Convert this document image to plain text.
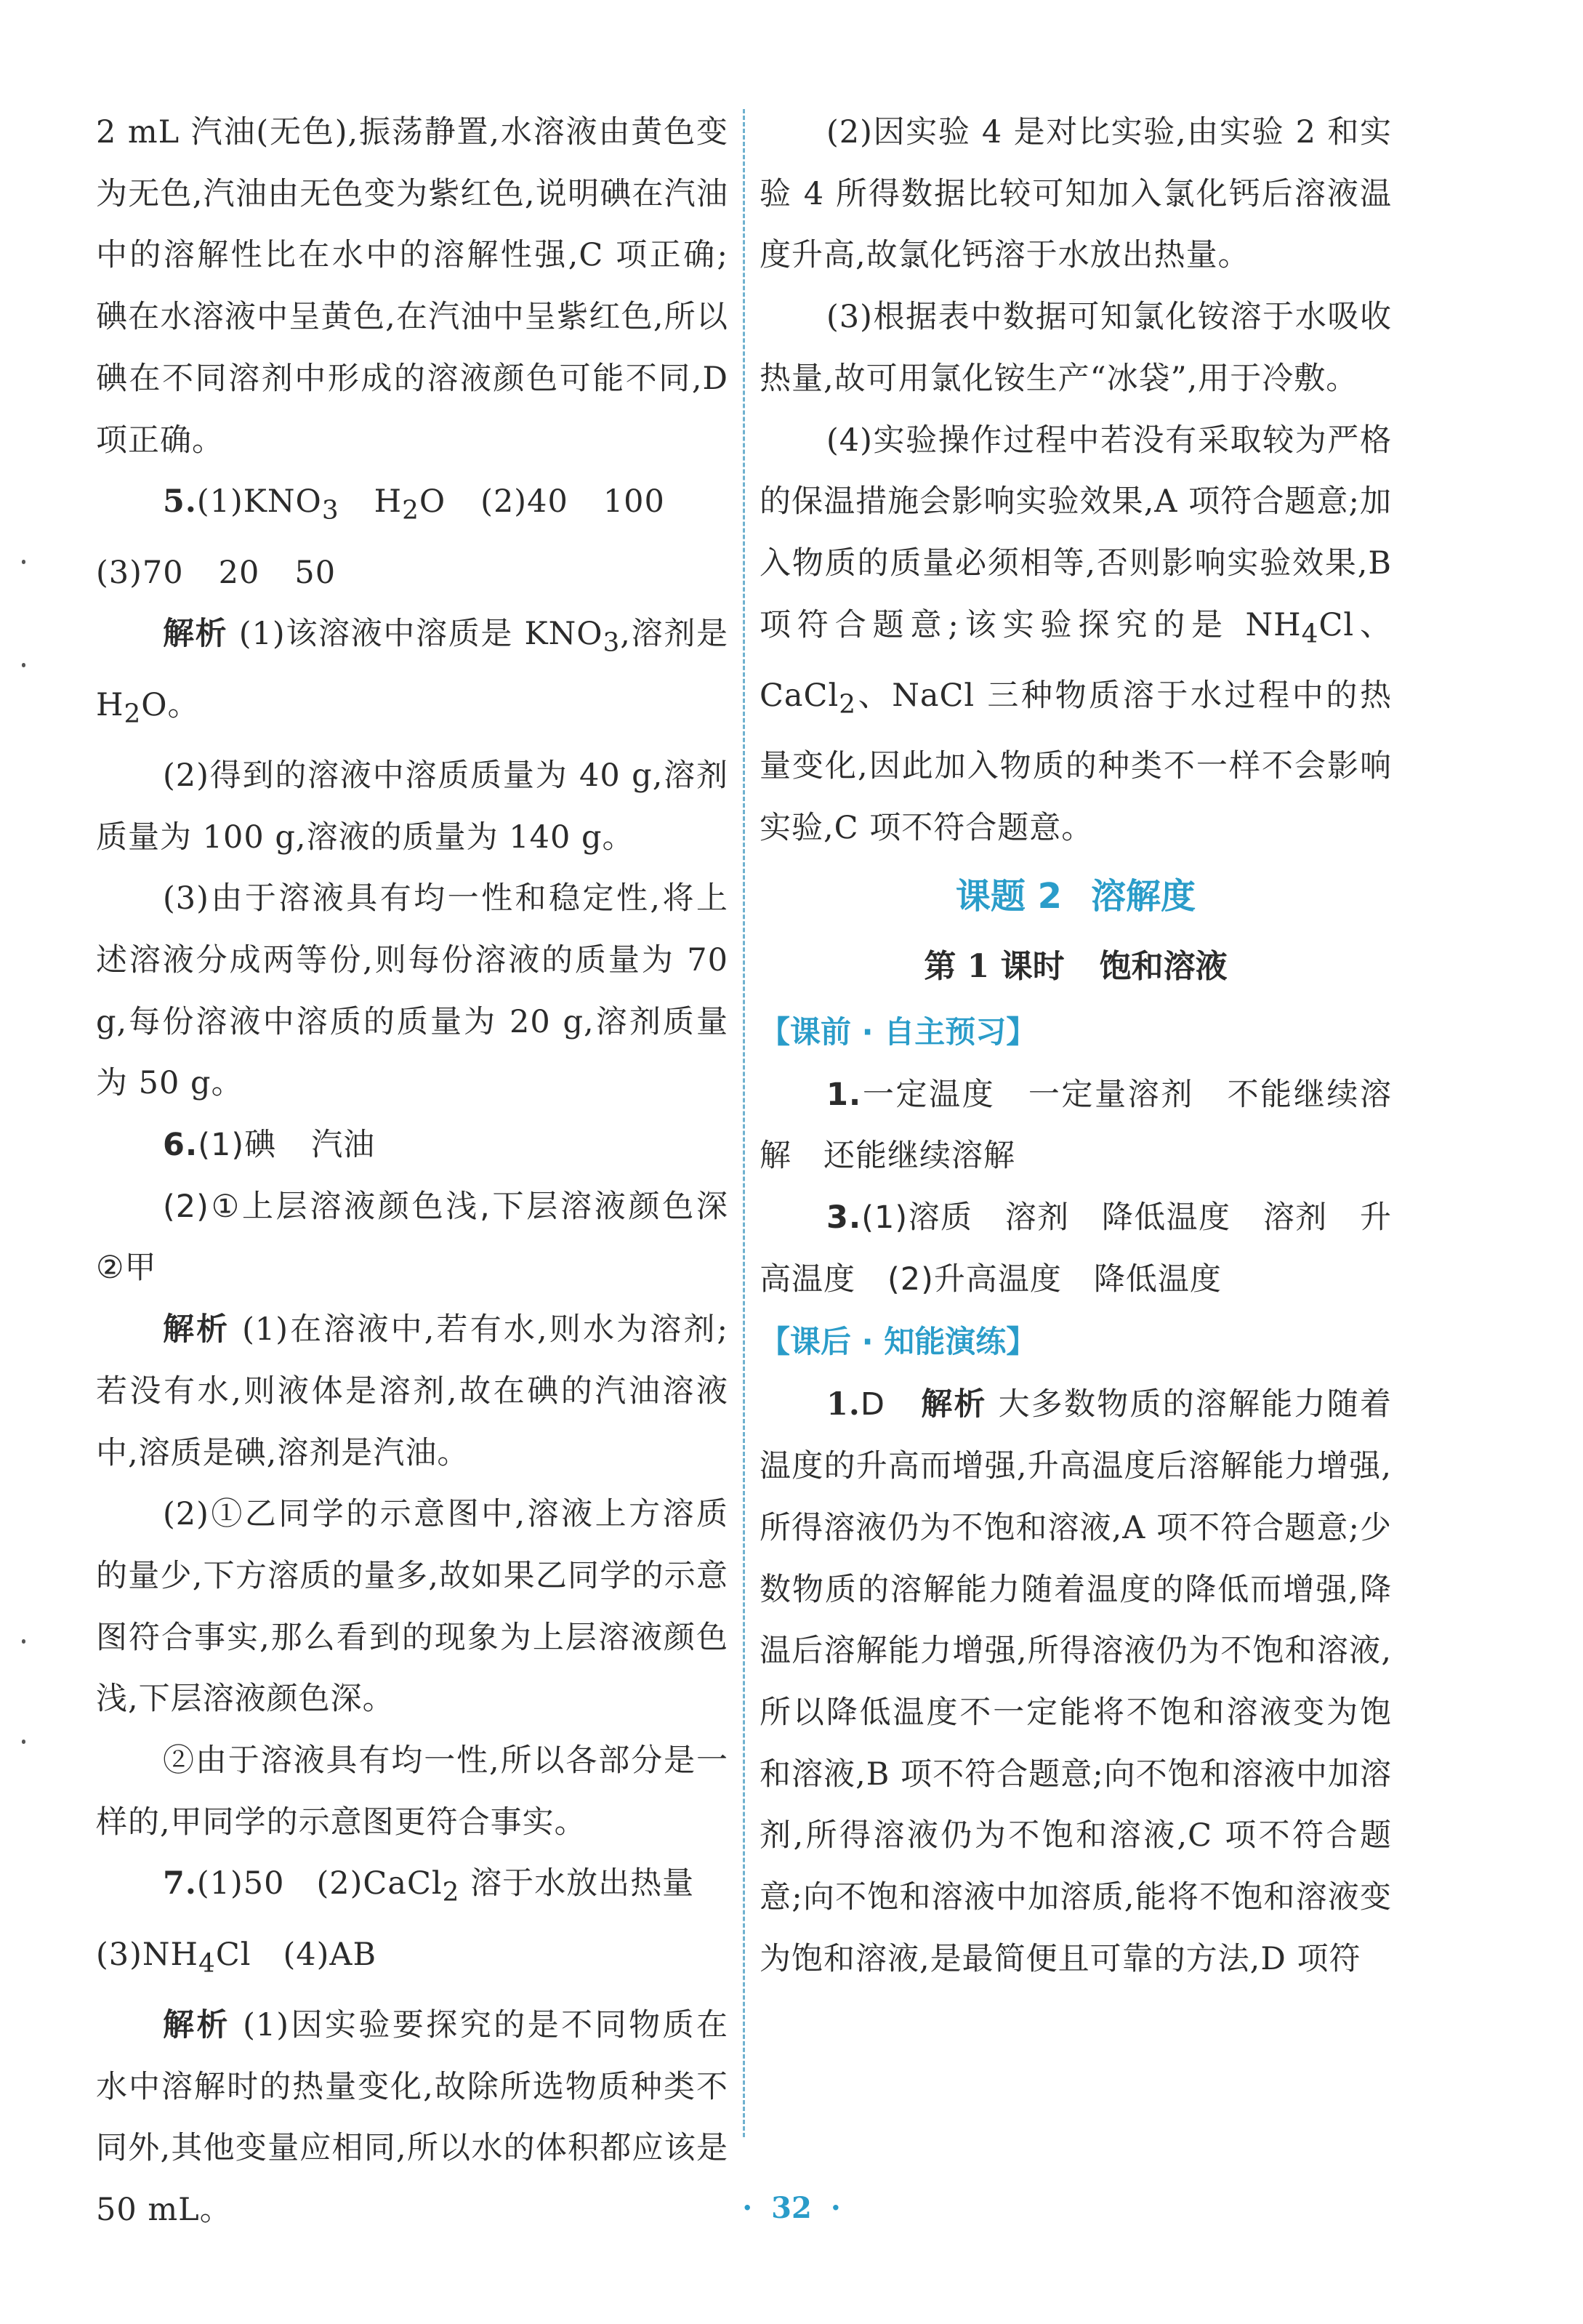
2 mL 汽油(无色),振荡静置,水溶液由黄色变为无色,汽油由无色变为紫红色,说明碘在汽油中的溶解性比在水中的溶解性强,C 项正确;碘在水溶液中呈黄色,在汽油中呈紫红色,所以碘在不同溶剂中形成的溶液颜色可能不同,D 项正确。

$5.(1)KNO_3$ $H_2O$ (2)40 100

(3)70 20 50

解析 (1)该溶液中溶质是 $KNO_3$,溶剂是 $H_2O$。

(2)得到的溶液中溶质质量为 40 g,溶剂质量为 100 g,溶液的质量为 140 g。

(3)由于溶液具有均一性和稳定性,将上述溶液分成两等份,则每份溶液的质量为 70 g,每份溶液中溶质的质量为 20 g,溶剂质量为 50 g。

6.(1)碘 汽油

(2)①上层溶液颜色浅,下层溶液颜色深　②甲

解析 (1)在溶液中,若有水,则水为溶剂;若没有水,则液体是溶剂,故在碘的汽油溶液中,溶质是碘,溶剂是汽油。

(2)①乙同学的示意图中,溶液上方溶质的量少,下方溶质的量多,故如果乙同学的示意图符合事实,那么看到的现象为上层溶液颜色浅,下层溶液颜色深。

②由于溶液具有均一性,所以各部分是一样的,甲同学的示意图更符合事实。

7.(1)50　(2)CaCl$_2$ 溶于水放出热量

$(3)NH_4Cl$　(4)AB

解析 (1)因实验要探究的是不同物质在水中溶解时的热量变化,故除所选物质种类不同外,其他变量应相同,所以水的体积都应该是 50 mL。

(2)因实验 4 是对比实验,由实验 2 和实验 4 所得数据比较可知加入氯化钙后溶液温度升高,故氯化钙溶于水放出热量。

(3)根据表中数据可知氯化铵溶于水吸收热量,故可用氯化铵生产“冰袋”,用于冷敷。

(4)实验操作过程中若没有采取较为严格的保温措施会影响实验效果,A 项符合题意;加入物质的质量必须相等,否则影响实验效果,B 项符合题意;该实验探究的是 $NH_4Cl$、CaCl$_2$、NaCl 三种物质溶于水过程中的热量变化,因此加入物质的种类不一样不会影响实验,C 项不符合题意。

课题 2 溶解度
第 1 课时 饱和溶液
【课前 · 自主预习】

1.一定温度　一定量溶剂　不能继续溶解　还能继续溶解

3.(1)溶质　溶剂　降低温度　溶剂　升高温度　(2)升高温度　降低温度

【课后 · 知能演练】

1.D 解析 大多数物质的溶解能力随着温度的升高而增强,升高温度后溶解能力增强,所得溶液仍为不饱和溶液,A 项不符合题意;少数物质的溶解能力随着温度的降低而增强,降温后溶解能力增强,所得溶液仍为不饱和溶液,所以降低温度不一定能将不饱和溶液变为饱和溶液,B 项不符合题意;向不饱和溶液中加溶剂,所得溶液仍为不饱和溶液,C 项不符合题意;向不饱和溶液中加溶质,能将不饱和溶液变为饱和溶液,是最简便且可靠的方法,D 项符

· 32 ·
